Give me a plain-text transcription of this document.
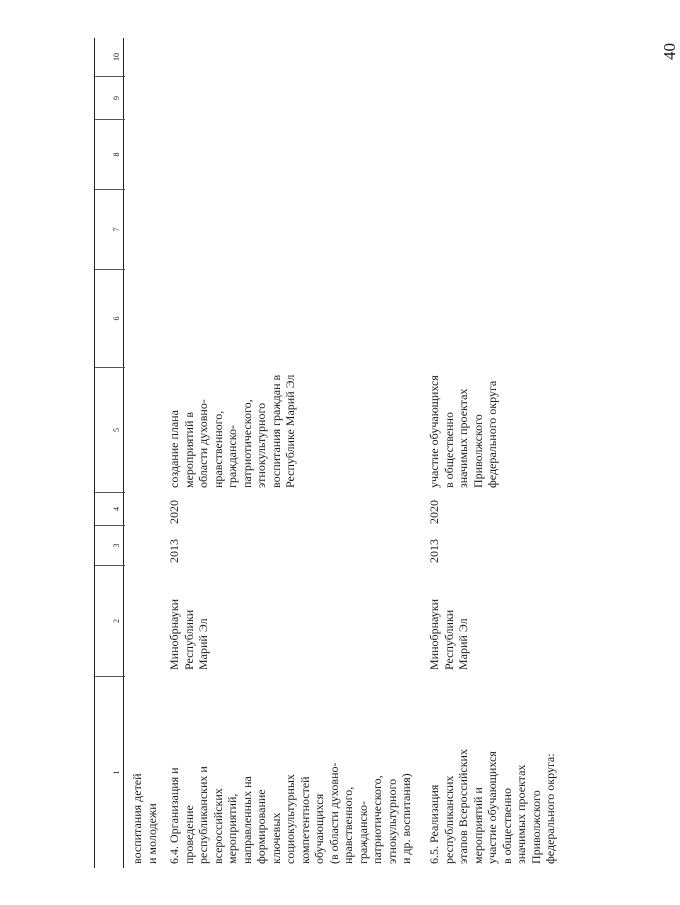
40
1
2
3
4
5
6
7
8
9
10
воспитания детей
и молодежи
6.4. Организация и
проведение
республиканских и
всероссийских
мероприятий,
направленных на
формирование
ключевых
социокультурных
компетентностей
обучающихся
(в области духовно-
нравственного,
гражданско-
патриотического,
этнокультурного
и др. воспитания)
Минобрнауки
Республики
Марий Эл
2013
2020
создание плана
мероприятий в
области духовно-
нравственного,
гражданско-
патриотического,
этнокультурного
воспитания граждан в
Республике Марий Эл
6.5. Реализация
республиканских
этапов Всероссийских
мероприятий и
участие обучающихся
в общественно
значимых проектах
Приволжского
федерального округа:
Минобрнауки
Республики
Марий Эл
2013
2020
участие обучающихся
в общественно
значимых проектах
Приволжского
федерального округа
